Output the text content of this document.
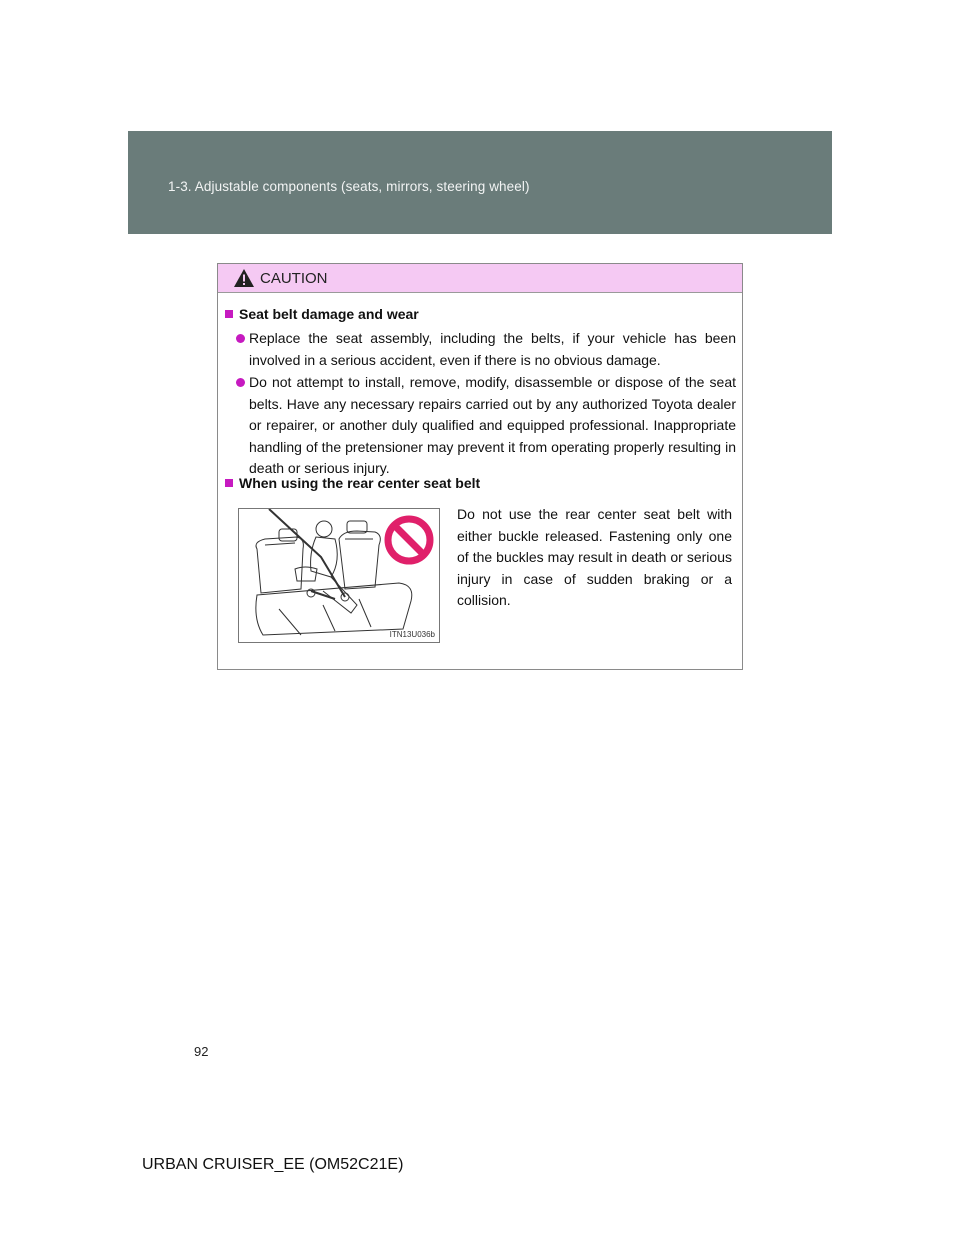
1-3. Adjustable components (seats, mirrors, steering wheel)
CAUTION
Seat belt damage and wear
Replace the seat assembly, including the belts, if your vehicle has been involved in a serious accident, even if there is no obvious damage.
Do not attempt to install, remove, modify, disassemble or dispose of the seat belts. Have any necessary repairs carried out by any authorized Toyota dealer or repairer, or another duly qualified and equipped professional. Inappropriate handling of the pretensioner may prevent it from operating properly resulting in death or serious injury.
When using the rear center seat belt
ITN13U036b
Do not use the rear center seat belt with either buckle released. Fastening only one of the buckles may result in death or serious injury in case of sudden braking or a collision.
92
URBAN CRUISER_EE (OM52C21E)
